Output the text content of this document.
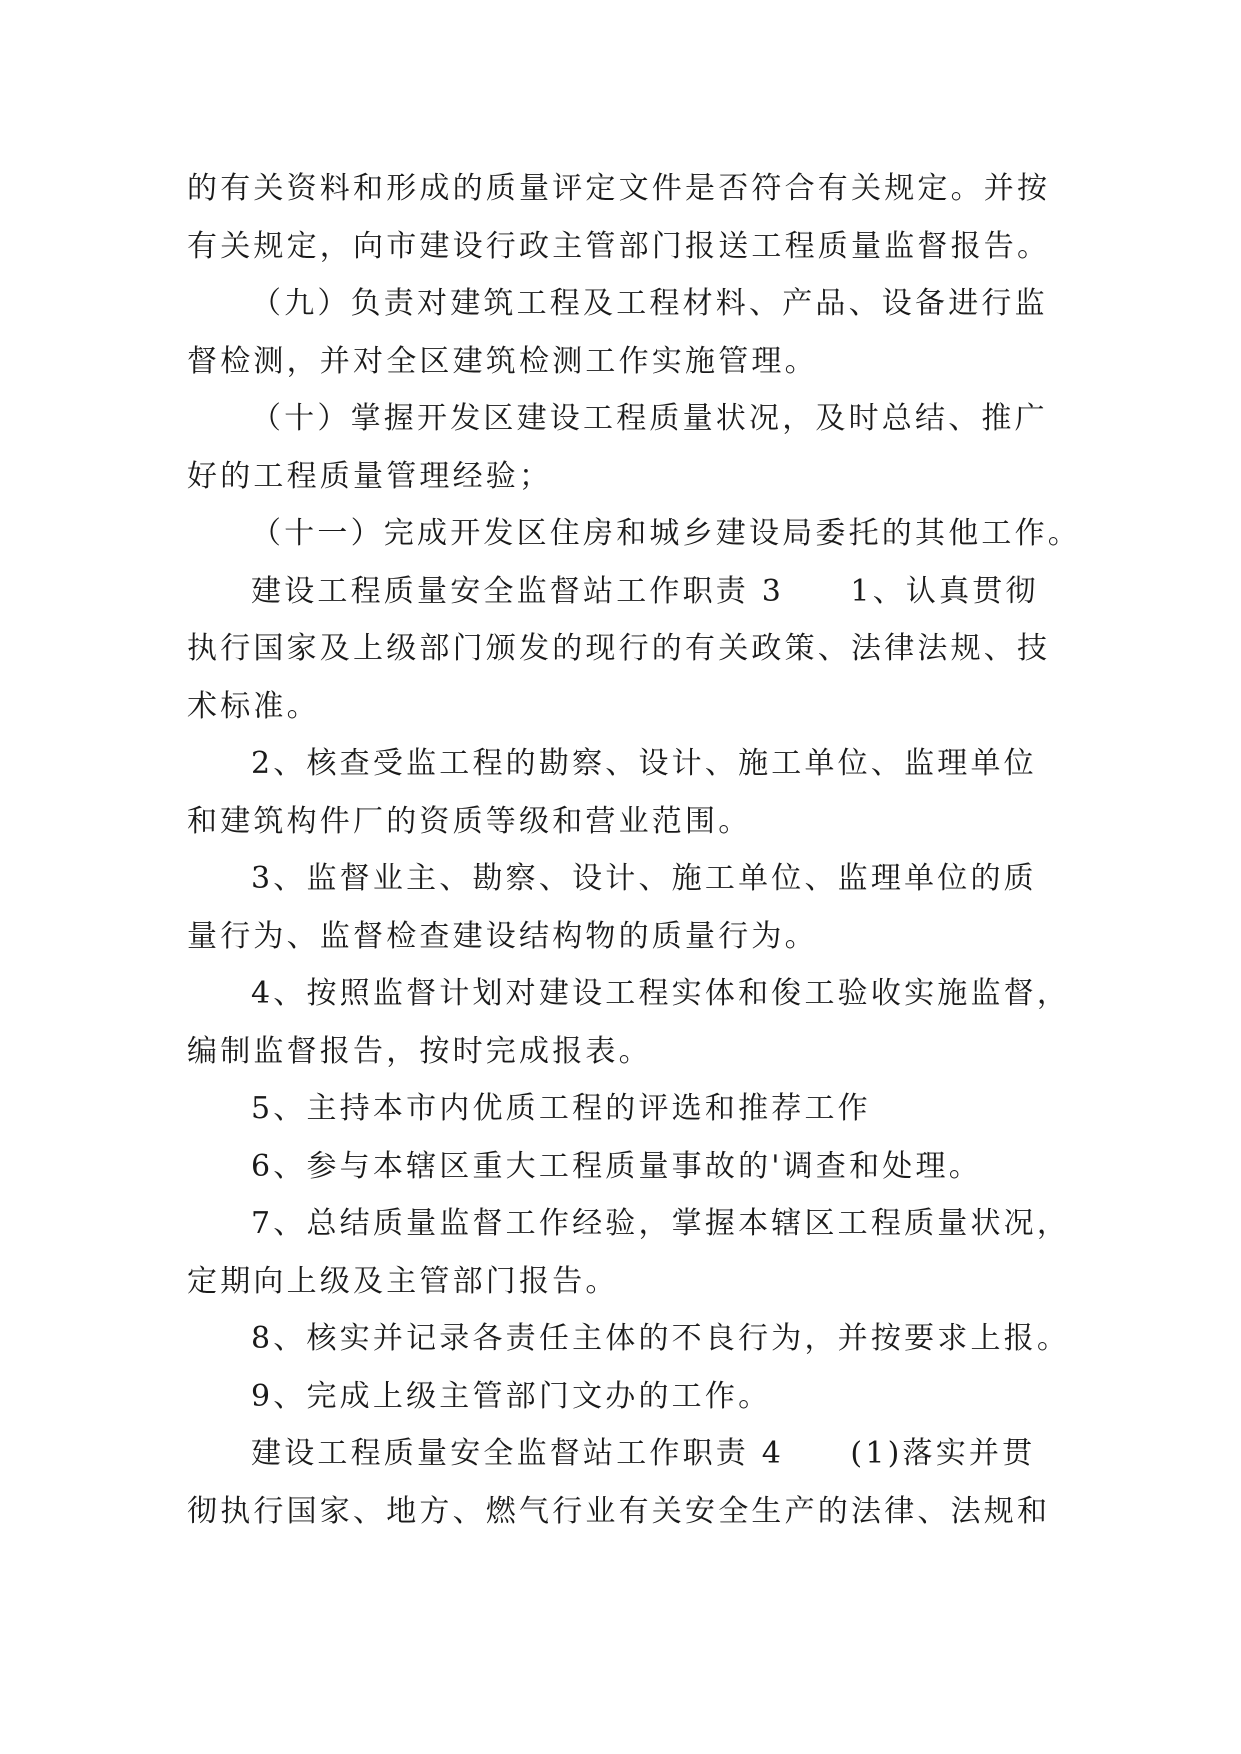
的有关资料和形成的质量评定文件是否符合有关规定。并按
有关规定，向市建设行政主管部门报送工程质量监督报告。
（九）负责对建筑工程及工程材料、产品、设备进行监
督检测，并对全区建筑检测工作实施管理。
（十）掌握开发区建设工程质量状况，及时总结、推广
好的工程质量管理经验；
（十一）完成开发区住房和城乡建设局委托的其他工作。
建设工程质量安全监督站工作职责 3　　1、认真贯彻
执行国家及上级部门颁发的现行的有关政策、法律法规、技
术标准。
2、核查受监工程的勘察、设计、施工单位、监理单位
和建筑构件厂的资质等级和营业范围。
3、监督业主、勘察、设计、施工单位、监理单位的质
量行为、监督检查建设结构物的质量行为。
4、按照监督计划对建设工程实体和俊工验收实施监督，
编制监督报告，按时完成报表。
5、主持本市内优质工程的评选和推荐工作
6、参与本辖区重大工程质量事故的'调查和处理。
7、总结质量监督工作经验，掌握本辖区工程质量状况，
定期向上级及主管部门报告。
8、核实并记录各责任主体的不良行为，并按要求上报。
9、完成上级主管部门文办的工作。
建设工程质量安全监督站工作职责 4　　(1)落实并贯
彻执行国家、地方、燃气行业有关安全生产的法律、法规和
